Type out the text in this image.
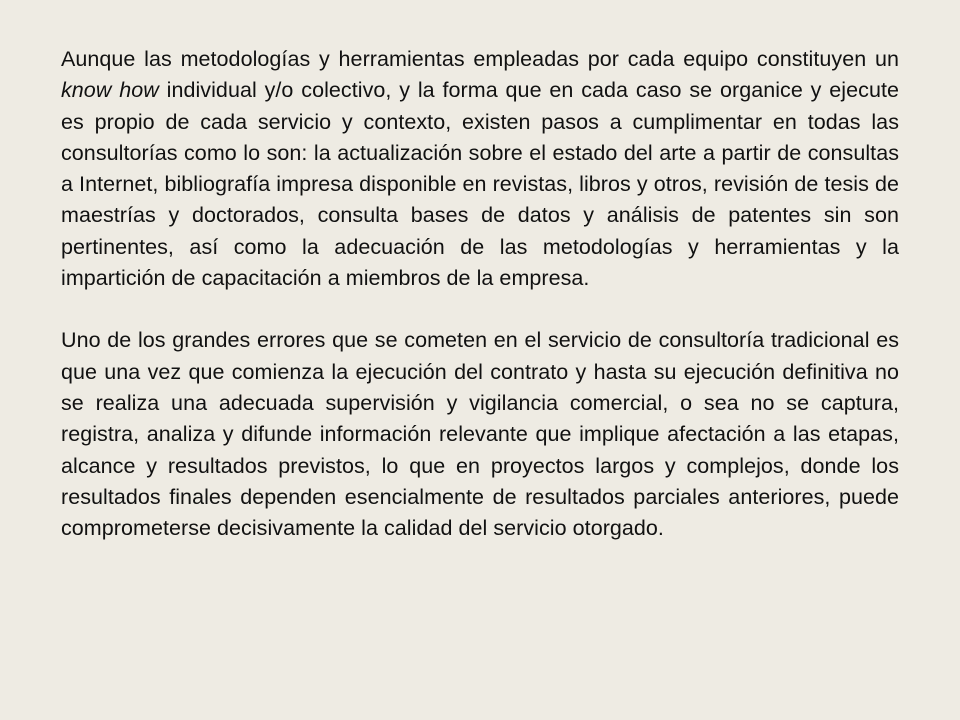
Aunque las metodologías y herramientas empleadas por cada equipo constituyen un know how individual y/o colectivo, y la forma que en cada caso se organice y ejecute es propio de cada servicio y contexto, existen pasos a cumplimentar en todas las consultorías como lo son: la actualización sobre el estado del arte a partir de consultas a Internet, bibliografía impresa disponible en revistas, libros y otros, revisión de tesis de maestrías y doctorados, consulta bases de datos y análisis de patentes sin son pertinentes, así como la adecuación de las metodologías y herramientas y la impartición de capacitación a miembros de la empresa.

Uno de los grandes errores que se cometen en el servicio de consultoría tradicional es que una vez que comienza la ejecución del contrato y hasta su ejecución definitiva no se realiza una adecuada supervisión y vigilancia comercial, o sea no se captura, registra, analiza y difunde información relevante que implique afectación a las etapas, alcance y resultados previstos, lo que en proyectos largos y complejos, donde los resultados finales dependen esencialmente de resultados parciales anteriores, puede comprometerse decisivamente la calidad del servicio otorgado.
